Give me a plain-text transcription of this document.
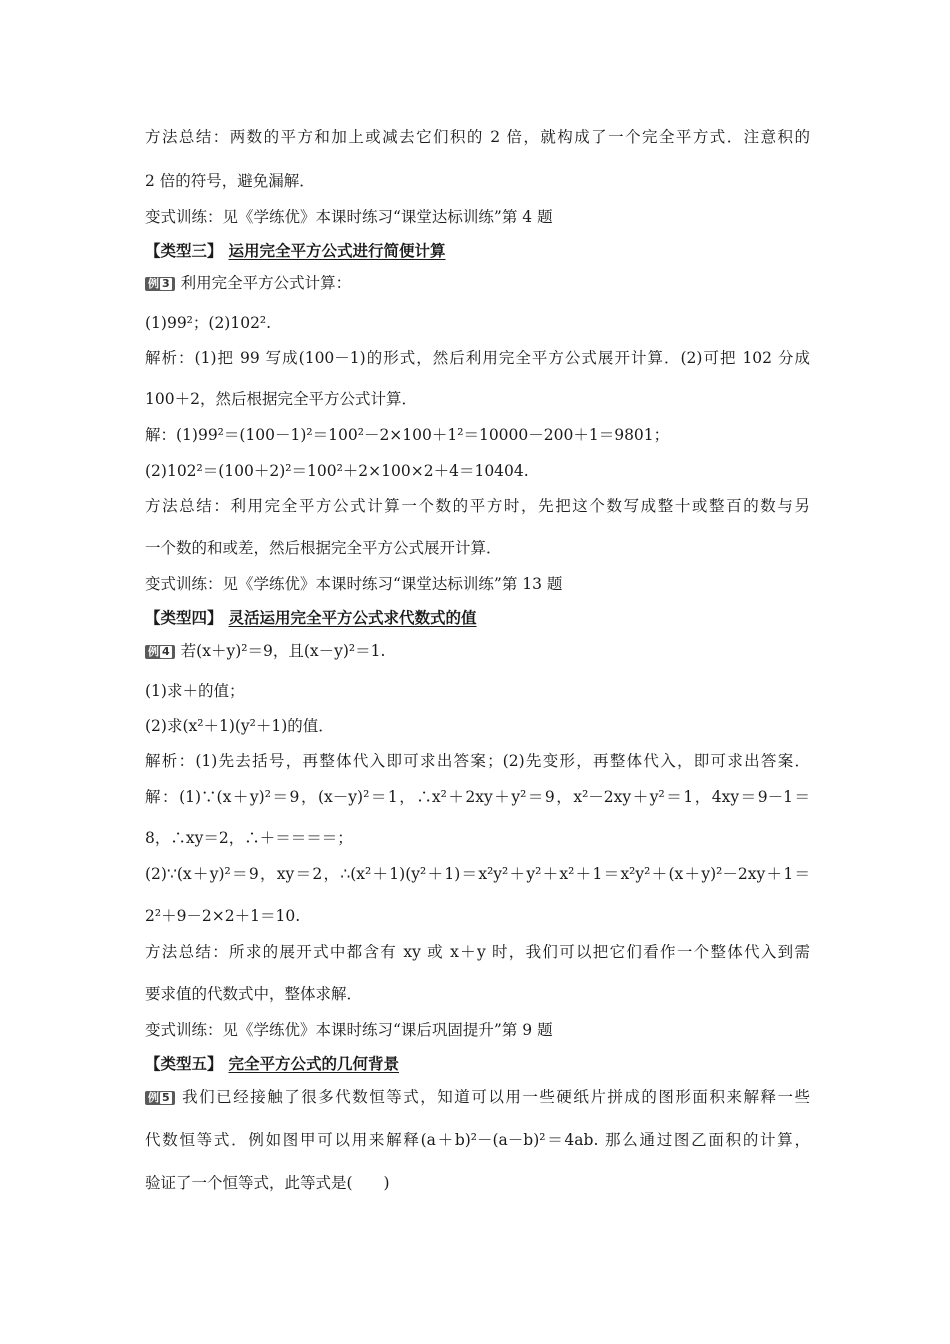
方法总结：两数的平方和加上或减去它们积的 2 倍，就构成了一个完全平方式．注意积的
2 倍的符号，避免漏解．
变式训练：见《学练优》本课时练习“课堂达标训练”第 4 题
【类型三】 运用完全平方公式进行简便计算
例 3 利用完全平方公式计算：
(1)99²；(2)102².
解析：(1)把 99 写成(100－1)的形式，然后利用完全平方公式展开计算．(2)可把 102 分成
100＋2，然后根据完全平方公式计算．
解：(1)99²＝(100－1)²＝100²－2×100＋1²＝10000－200＋1＝9801；
(2)102²＝(100＋2)²＝100²＋2×100×2＋4＝10404.
方法总结：利用完全平方公式计算一个数的平方时，先把这个数写成整十或整百的数与另
一个数的和或差，然后根据完全平方公式展开计算．
变式训练：见《学练优》本课时练习“课堂达标训练”第 13 题
【类型四】 灵活运用完全平方公式求代数式的值
例 4 若(x＋y)²＝9，且(x－y)²＝1.
(1)求＋的值；
(2)求(x²＋1)(y²＋1)的值．
解析：(1)先去括号，再整体代入即可求出答案；(2)先变形，再整体代入，即可求出答案．
解：(1)∵(x＋y)²＝9，(x－y)²＝1，∴x²＋2xy＋y²＝9，x²－2xy＋y²＝1，4xy＝9－1＝
8，∴xy＝2，∴＋＝＝＝＝；
(2)∵(x＋y)²＝9，xy＝2，∴(x²＋1)(y²＋1)＝x²y²＋y²＋x²＋1＝x²y²＋(x＋y)²－2xy＋1＝
2²＋9－2×2＋1＝10.
方法总结：所求的展开式中都含有 xy 或 x＋y 时，我们可以把它们看作一个整体代入到需
要求值的代数式中，整体求解．
变式训练：见《学练优》本课时练习“课后巩固提升”第 9 题
【类型五】 完全平方公式的几何背景
例 5 我们已经接触了很多代数恒等式，知道可以用一些硬纸片拼成的图形面积来解释一些
代数恒等式．例如图甲可以用来解释(a＋b)²－(a－b)²＝4ab. 那么通过图乙面积的计算，
验证了一个恒等式，此等式是(　　)
